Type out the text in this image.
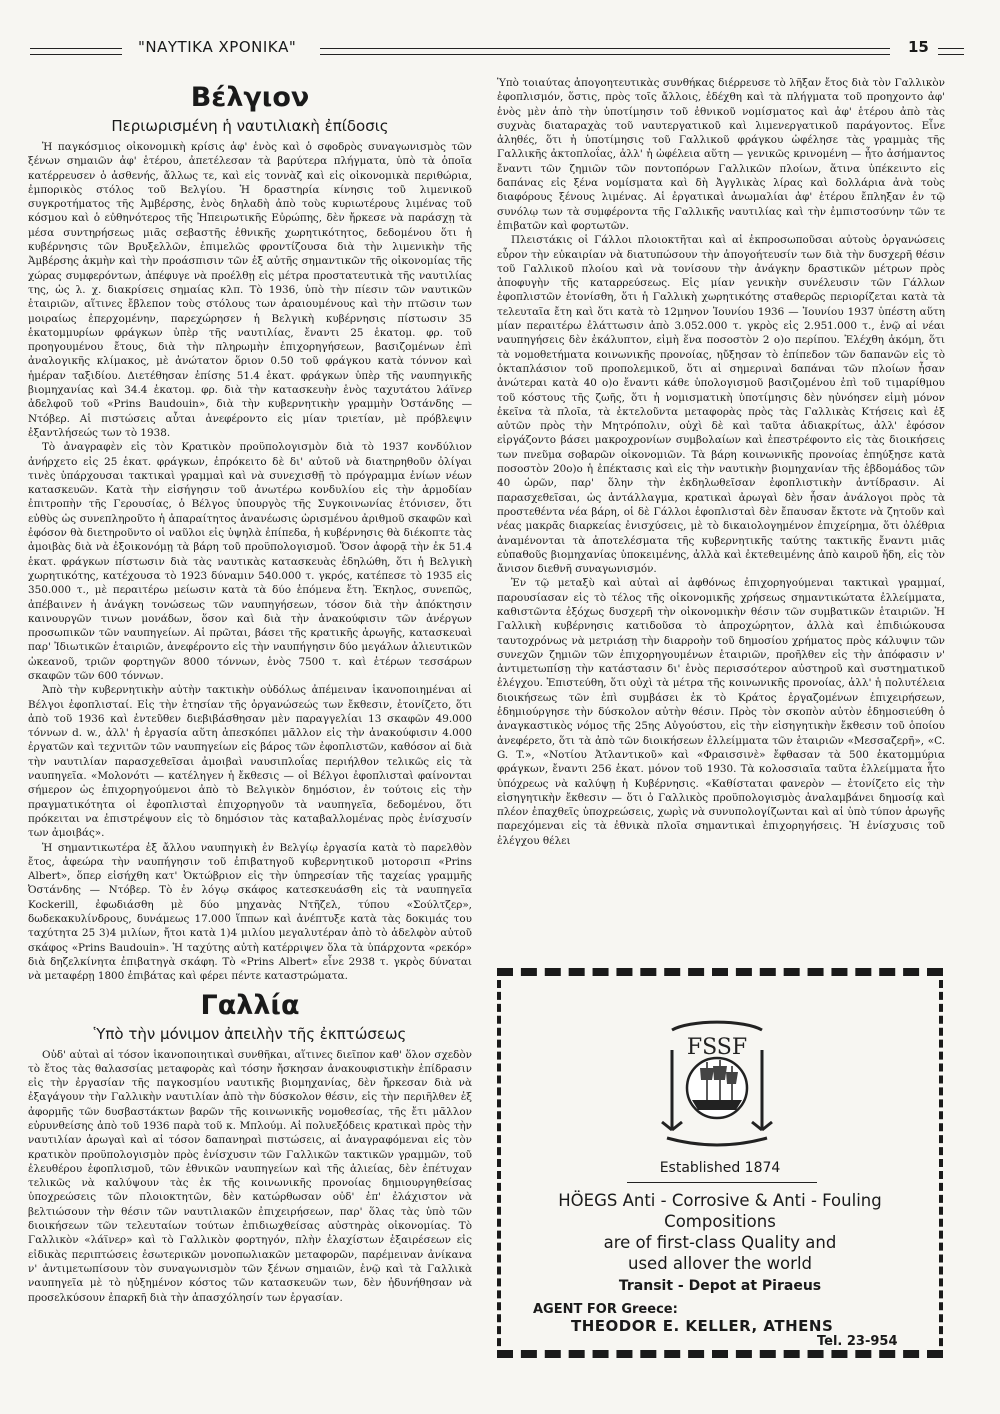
"ΝΑΥΤΙΚΑ ΧΡΟΝΙΚΑ"	15
Βέλγιον
Περιωρισμένη ἡ ναυτιλιακὴ ἐπίδοσις

Ἡ παγκόσμιος οἰκονομικὴ κρίσις ἀφ' ἑνὸς καὶ ὁ σφοδρὸς συναγωνισμὸς τῶν ξένων σημαιῶν ἀφ' ἑτέρου, ἀπετέλεσαν τὰ βαρύτερα πλήγματα, ὑπὸ τὰ ὁποῖα κατέρρευσεν ὁ ἀσθενής, ἄλλως τε, καὶ εἰς τοννὰζ καὶ εἰς οἰκονομικὰ περιθώρια, ἐμπορικὸς στόλος τοῦ Βελγίου. Ἡ δραστηρία κίνησις τοῦ λιμενικοῦ συγκροτήματος τῆς Ἀμβέρσης, ἑνὸς δηλαδὴ ἀπὸ τοὺς κυριωτέρους λιμένας τοῦ κόσμου καὶ ὁ εὐθηνότερος τῆς Ἠπειρωτικῆς Εὐρώπης, δὲν ἤρκεσε νὰ παράσχῃ τὰ μέσα συντηρήσεως μιᾶς σεβαστῆς ἐθνικῆς χωρητικότητος, δεδομένου ὅτι ἡ κυβέρνησις τῶν Βρυξελλῶν, ἐπιμελῶς φροντίζουσα διὰ τὴν λιμενικὴν τῆς Ἀμβέρσης ἀκμὴν καὶ τὴν προάσπισιν τῶν ἐξ αὐτῆς σημαντικῶν τῆς οἰκονομίας τῆς χώρας συμφερόντων, ἀπέφυγε νὰ προέλθῃ εἰς μέτρα προστατευτικὰ τῆς ναυτιλίας της, ὡς λ. χ. διακρίσεις σημαίας κλπ. Τὸ 1936, ὑπὸ τὴν πίεσιν τῶν ναυτικῶν ἑταιριῶν, αἵτινες ἔβλεπον τοὺς στόλους των ἀραιουμένους καὶ τὴν πτῶσιν των μοιραίως ἐπερχομένην, παρεχώρησεν ἡ Βελγικὴ κυβέρνησις πίστωσιν 35 ἑκατομμυρίων φράγκων ὑπὲρ τῆς ναυτιλίας, ἔναντι 25 ἑκατομ. φρ. τοῦ προηγουμένου ἔτους, διὰ τὴν πληρωμὴν ἐπιχορηγήσεων, βασιζομένων ἐπὶ ἀναλογικῆς κλίμακος, μὲ ἀνώτατον ὅριον 0.50 τοῦ φράγκου κατὰ τόννον καὶ ἡμέραν ταξιδίου. Διετέθησαν ἐπίσης 51.4 ἑκατ. φράγκων ὑπὲρ τῆς ναυπηγικῆς βιομηχανίας καὶ 34.4 ἑκατομ. φρ. διὰ τὴν κατασκευὴν ἑνὸς ταχυτάτου λάϊνερ ἀδελφοῦ τοῦ «Prins Baudouin», διὰ τὴν κυβερνητικὴν γραμμὴν Ὀστάνδης — Ντόβερ. Αἱ πιστώσεις αὗται ἀνεφέροντο εἰς μίαν τριετίαν, μὲ πρόβλεψιν ἐξαντλήσεώς των τὸ 1938.

Τὸ ἀναγραφὲν εἰς τὸν Κρατικὸν προϋπολογισμὸν διὰ τὸ 1937 κονδύλιον ἀνήρχετο εἰς 25 ἑκατ. φράγκων, ἐπρόκειτο δὲ δι' αὐτοῦ νὰ διατηρηθοῦν ὀλίγαι τινὲς ὑπάρχουσαι τακτικαὶ γραμμαὶ καὶ νὰ συνεχισθῇ τὸ πρόγραμμα ἐνίων νέων κατασκευῶν. Κατὰ τὴν εἰσήγησιν τοῦ ἀνωτέρω κονδυλίου εἰς τὴν ἁρμοδίαν ἐπιτροπὴν τῆς Γερουσίας, ὁ Βέλγος ὑπουργὸς τῆς Συγκοινωνίας ἐτόνισεν, ὅτι εὐθὺς ὡς συνεπληροῦτο ἡ ἀπαραίτητος ἀνανέωσις ὡρισμένου ἀριθμοῦ σκαφῶν καὶ ἐφόσον θὰ διετηροῦντο οἱ ναῦλοι εἰς ὑψηλὰ ἐπίπεδα, ἡ κυβέρνησις θὰ διέκοπτε τὰς ἀμοιβὰς διὰ νὰ ἐξοικονόμῃ τὰ βάρη τοῦ προϋπολογισμοῦ. Ὅσον ἀφορᾷ τὴν ἐκ 51.4 ἑκατ. φράγκων πίστωσιν διὰ τὰς ναυτικὰς κατασκευὰς ἐδηλώθη, ὅτι ἡ Βελγικὴ χωρητικότης, κατέχουσα τὸ 1923 δύναμιν 540.000 τ. γκρός, κατέπεσε τὸ 1935 εἰς 350.000 τ., μὲ περαιτέρω μείωσιν κατὰ τὰ δύο ἑπόμενα ἔτη. Ἐκηλος, συνεπῶς, ἀπέβαινεν ἡ ἀνάγκη τονώσεως τῶν ναυπηγήσεων, τόσον διὰ τὴν ἀπόκτησιν καινουργῶν τινων μονάδων, ὅσον καὶ διὰ τὴν ἀνακούφισιν τῶν ἀνέργων προσωπικῶν τῶν ναυπηγείων. Αἱ πρῶται, βάσει τῆς κρατικῆς ἀρωγῆς, κατασκευαὶ παρ' Ἰδιωτικῶν ἑταιριῶν, ἀνεφέροντο εἰς τὴν ναυπήγησιν δύο μεγάλων ἀλιευτικῶν ὠκεανοῦ, τριῶν φορτηγῶν 8000 τόννων, ἑνὸς 7500 τ. καὶ ἑτέρων τεσσάρων σκαφῶν τῶν 600 τόννων.

Ἀπὸ τὴν κυβερνητικὴν αὐτὴν τακτικὴν οὐδόλως ἀπέμειναν ἱκανοποιημέναι αἱ Βέλγοι ἐφοπλισταί. Εἰς τὴν ἐτησίαν τῆς ὀργανώσεώς των ἔκθεσιν, ἐτονίζετο, ὅτι ἀπὸ τοῦ 1936 καὶ ἐντεῦθεν διεβιβάσθησαν μὲν παραγγελίαι 13 σκαφῶν 49.000 τόννων d. w., ἀλλ' ἡ ἐργασία αὕτη ἀπεσκόπει μᾶλλον εἰς τὴν ἀνακούφισιν 4.000 ἐργατῶν καὶ τεχνιτῶν τῶν ναυπηγείων εἰς βάρος τῶν ἐφοπλιστῶν, καθόσον αἱ διὰ τὴν ναυτιλίαν παρασχεθεῖσαι ἀμοιβαὶ ναυσιπλοΐας περιήλθον τελικῶς εἰς τὰ ναυπηγεῖα. «Μολονότι — κατέληγεν ἡ ἔκθεσις — οἱ Βέλγοι ἐφοπλισταὶ φαίνονται σήμερον ὡς ἐπιχορηγούμενοι ἀπὸ τὸ Βελγικὸν δημόσιον, ἐν τούτοις εἰς τὴν πραγματικότητα οἱ ἐφοπλισταὶ ἐπιχορηγοῦν τὰ ναυπηγεῖα, δεδομένου, ὅτι πρόκειται να ἐπιστρέψουν εἰς τὸ δημόσιον τὰς καταβαλλομένας πρὸς ἐνίσχυσίν των ἀμοιβάς».

Ἡ σημαντικωτέρα ἐξ ἄλλου ναυπηγικὴ ἐν Βελγίῳ ἐργασία κατὰ τὸ παρελθὸν ἔτος, ἀφεώρα τὴν ναυπήγησιν τοῦ ἐπιβατηγοῦ κυβερνητικοῦ μοτορσιπ «Prins Albert», ὅπερ εἰσήχθη κατ' Ὀκτώβριον εἰς τὴν ὑπηρεσίαν τῆς ταχείας γραμμῆς Ὀστάνδης — Ντόβερ. Τὸ ἐν λόγῳ σκάφος κατεσκευάσθη εἰς τὰ ναυπηγεῖα Kockerill, ἐφωδιάσθη μὲ δύο μηχανὰς Ντῆζελ, τύπου «Σούλτζερ», δωδεκακυλίνδρους, δυνάμεως 17.000 ἵππων καὶ ἀνέπτυξε κατὰ τὰς δοκιμάς του ταχύτητα 25 3)4 μιλίων, ἤτοι κατὰ 1)4 μιλίου μεγαλυτέραν ἀπὸ τὸ ἀδελφὸν αὐτοῦ σκάφος «Prins Baudouin». Ἡ ταχύτης αὐτὴ κατέρριψεν ὅλα τὰ ὑπάρχοντα «ρεκόρ» διὰ δηζελκίνητα ἐπιβατηγὰ σκάφη. Τὸ «Prins Albert» εἶνε 2938 τ. γκρὸς δύναται νὰ μεταφέρῃ 1800 ἐπιβάτας καὶ φέρει πέντε καταστρώματα.

Γαλλία
Ὑπὸ τὴν μόνιμον ἀπειλὴν τῆς ἐκπτώσεως

Οὐδ' αὐταὶ αἱ τόσον ἱκανοποιητικαὶ συνθῆκαι, αἵτινες διεῖπον καθ' ὅλον σχεδὸν τὸ ἔτος τὰς θαλασσίας μεταφορὰς καὶ τόσην ἤσκησαν ἀνακουφιστικὴν ἐπίδρασιν εἰς τὴν ἐργασίαν τῆς παγκοσμίου ναυτικῆς βιομηχανίας, δὲν ἤρκεσαν διὰ νὰ ἐξαγάγουν τὴν Γαλλικὴν ναυτιλίαν ἀπὸ τὴν δύσκολον θέσιν, εἰς τὴν περιῆλθεν ἐξ ἀφορμῆς τῶν δυσβαστάκτων βαρῶν τῆς κοινωνικῆς νομοθεσίας, τῆς ἔτι μᾶλλον εὐρυνθείσης ἀπὸ τοῦ 1936 παρὰ τοῦ κ. Μπλούμ. Αἱ πολυεξόδεις κρατικαὶ πρὸς τὴν ναυτιλίαν ἀρωγαὶ καὶ αἱ τόσον δαπανηραὶ πιστώσεις, αἱ ἀναγραφόμεναι εἰς τὸν κρατικὸν προϋπολογισμὸν πρὸς ἐνίσχυσιν τῶν Γαλλικῶν τακτικῶν γραμμῶν, τοῦ ἐλευθέρου ἐφοπλισμοῦ, τῶν ἐθνικῶν ναυπηγείων καὶ τῆς ἀλιείας, δὲν ἐπέτυχαν τελικῶς νὰ καλύψουν τὰς ἐκ τῆς κοινωνικῆς προνοίας δημιουργηθείσας ὑποχρεώσεις τῶν πλοιοκτητῶν, δὲν κατώρθωσαν οὐδ' ἐπ' ἐλάχιστον νὰ βελτιώσουν τὴν θέσιν τῶν ναυτιλιακῶν ἐπιχειρήσεων, παρ' ὅλας τὰς ὑπὸ τῶν διοικήσεων τῶν τελευταίων τούτων ἐπιδιωχθείσας αὐστηρὰς οἰκονομίας. Τὸ Γαλλικὸν «λάϊνερ» καὶ τὸ Γαλλικὸν φορτηγόν, πλὴν ἐλαχίστων ἐξαιρέσεων εἰς εἰδικὰς περιπτώσεις ἐσωτερικῶν μονοπωλιακῶν μεταφορῶν, παρέμειναν ἀνίκανα ν' ἀντιμετωπίσουν τὸν συναγωνισμὸν τῶν ξένων σημαιῶν, ἐνῷ καὶ τὰ Γαλλικὰ ναυπηγεῖα μὲ τὸ ηὐξημένον κόστος τῶν κατασκευῶν των, δὲν ἠδυνήθησαν νὰ προσελκύσουν ἐπαρκῆ διὰ τὴν ἀπασχόλησίν των ἐργασίαν.

Ὑπὸ τοιαύτας ἀπογοητευτικὰς συνθήκας διέρρευσε τὸ λῆξαν ἔτος διὰ τὸν Γαλλικὸν ἐφοπλισμόν, ὅστις, πρὸς τοῖς ἄλλοις, ἐδέχθη καὶ τὰ πλήγματα τοῦ προηχοντο ἀφ' ἑνὸς μὲν ἀπὸ τὴν ὑποτίμησιν τοῦ ἐθνικοῦ νομίσματος καὶ ἀφ' ἑτέρου ἀπὸ τὰς συχνὰς διαταραχὰς τοῦ ναυτεργατικοῦ καὶ λιμενεργατικοῦ παράγοντος. Εἶνε ἀληθές, ὅτι ἡ ὑποτίμησις τοῦ Γαλλικοῦ φράγκου ὠφέλησε τὰς γραμμὰς τῆς Γαλλικῆς ἀκτοπλοΐας, ἀλλ' ἡ ὠφέλεια αὕτη — γενικῶς κρινομένη — ἦτο ἀσήμαντος ἔναντι τῶν ζημιῶν τῶν ποντοπόρων Γαλλικῶν πλοίων, ἅτινα ὑπέκειντο εἰς δαπάνας εἰς ξένα νομίσματα καὶ δὴ Ἀγγλικὰς λίρας καὶ δολλάρια ἀνὰ τοὺς διαφόρους ξένους λιμένας. Αἱ ἐργατικαὶ ἀνωμαλίαι ἀφ' ἑτέρου ἔπληξαν ἐν τῷ συνόλῳ των τὰ συμφέροντα τῆς Γαλλικῆς ναυτιλίας καὶ τὴν ἐμπιστοσύνην τῶν τε ἐπιβατῶν καὶ φορτωτῶν.

Πλειστάκις οἱ Γάλλοι πλοιοκτῆται καὶ αἱ ἐκπροσωποῦσαι αὐτοὺς ὀργανώσεις εὗρον τὴν εὐκαιρίαν νὰ διατυπώσουν τὴν ἀπογοήτευσίν των διὰ τὴν δυσχερῆ θέσιν τοῦ Γαλλικοῦ πλοίου καὶ νὰ τονίσουν τὴν ἀνάγκην δραστικῶν μέτρων πρὸς ἀποφυγὴν τῆς καταρρεύσεως. Εἰς μίαν γενικὴν συνέλευσιν τῶν Γάλλων ἐφοπλιστῶν ἐτονίσθη, ὅτι ἡ Γαλλικὴ χωρητικότης σταθερῶς περιορίζεται κατὰ τὰ τελευταῖα ἔτη καὶ ὅτι κατὰ τὸ 12μηνον Ἰουνίου 1936 — Ἰουνίου 1937 ὑπέστη αὕτη μίαν περαιτέρω ἐλάττωσιν ἀπὸ 3.052.000 τ. γκρὸς εἰς 2.951.000 τ., ἐνῷ αἱ νέαι ναυπηγήσεις δὲν ἐκάλυπτον, εἰμὴ ἕνα ποσοστὸν 2 ο)ο περίπου. Ἐλέχθη ἀκόμη, ὅτι τὰ νομοθετήματα κοινωνικῆς προνοίας, ηὔξησαν τὸ ἐπίπεδον τῶν δαπανῶν εἰς τὸ ὀκταπλάσιον τοῦ προπολεμικοῦ, ὅτι αἱ σημεριναὶ δαπάναι τῶν πλοίων ἦσαν ἀνώτεραι κατὰ 40 ο)ο ἔναντι κάθε ὑπολογισμοῦ βασιζομένου ἐπὶ τοῦ τιμαρίθμου τοῦ κόστους τῆς ζωῆς, ὅτι ἡ νομισματικὴ ὑποτίμησις δὲν ηὐνόησεν εἰμὴ μόνον ἐκεῖνα τὰ πλοῖα, τὰ ἐκτελοῦντα μεταφορὰς πρὸς τὰς Γαλλικὰς Κτήσεις καὶ ἐξ αὐτῶν πρὸς τὴν Μητρόπολιν, οὐχὶ δὲ καὶ ταῦτα ἀδιακρίτως, ἀλλ' ἐφόσον εἰργάζοντο βάσει μακροχρονίων συμβολαίων καὶ ἐπεστρέφοντο εἰς τὰς διοικήσεις των πνεῦμα σοβαρῶν οἰκονομιῶν. Τὰ βάρη κοινωνικῆς προνοίας ἐπηύξησε κατὰ ποσοστὸν 20ο)ο ἡ ἐπέκτασις καὶ εἰς τὴν ναυτικὴν βιομηχανίαν τῆς ἑβδομάδος τῶν 40 ὡρῶν, παρ' ὅλην τὴν ἐκδηλωθεῖσαν ἐφοπλιστικὴν ἀντίδρασιν. Αἱ παρασχεθεῖσαι, ὡς ἀντάλλαγμα, κρατικαὶ ἀρωγαὶ δὲν ἦσαν ἀνάλογοι πρὸς τὰ προστεθέντα νέα βάρη, οἱ δὲ Γάλλοι ἐφοπλισταὶ δὲν ἔπαυσαν ἔκτοτε νὰ ζητοῦν καὶ νέας μακρᾶς διαρκείας ἐνισχύσεις, μὲ τὸ δικαιολογημένον ἐπιχείρημα, ὅτι ὀλέθρια ἀναμένονται τὰ ἀποτελέσματα τῆς κυβερνητικῆς ταύτης τακτικῆς ἔναντι μιᾶς εὐπαθοῦς βιομηχανίας ὑποκειμένης, ἀλλὰ καὶ ἐκτεθειμένης ἀπὸ καιροῦ ἤδη, εἰς τὸν ἄνισον διεθνῆ συναγωνισμόν.

Ἐν τῷ μεταξὺ καὶ αὐταὶ αἱ ἀφθόνως ἐπιχορηγούμεναι τακτικαὶ γραμμαί, παρουσίασαν εἰς τὸ τέλος τῆς οἰκονομικῆς χρήσεως σημαντικώτατα ἐλλείμματα, καθιστῶντα ἐξόχως δυσχερῆ τὴν οἰκονομικὴν θέσιν τῶν συμβατικῶν ἑταιριῶν. Ἡ Γαλλικὴ κυβέρνησις κατιδοῦσα τὸ ἀπροχώρητον, ἀλλὰ καὶ ἐπιδιώκουσα ταυτοχρόνως νὰ μετριάσῃ τὴν διαρροὴν τοῦ δημοσίου χρήματος πρὸς κάλυψιν τῶν συνεχῶν ζημιῶν τῶν ἐπιχορηγουμένων ἑταιριῶν, προῆλθεν εἰς τὴν ἀπόφασιν ν' ἀντιμετωπίσῃ τὴν κατάστασιν δι' ἑνὸς περισσότερον αὐστηροῦ καὶ συστηματικοῦ ἐλέγχου. Ἐπιστεύθη, ὅτι οὐχὶ τὰ μέτρα τῆς κοινωνικῆς προνοίας, ἀλλ' ἡ πολυτέλεια διοικήσεως τῶν ἐπὶ συμβάσει ἐκ τὸ Κράτος ἐργαζομένων ἐπιχειρήσεων, ἐδημιούργησε τὴν δύσκολον αὐτὴν θέσιν. Πρὸς τὸν σκοπὸν αὐτὸν ἐδημοσιεύθη ὁ ἀναγκαστικὸς νόμος τῆς 25ης Αὐγούστου, εἰς τὴν εἰσηγητικὴν ἔκθεσιν τοῦ ὁποίου ἀνεφέρετο, ὅτι τὰ ἀπὸ τῶν διοικήσεων ἐλλείμματα τῶν ἑταιριῶν «Μεσσαζερῆ», «C. G. T.», «Νοτίου Ἀτλαντικοῦ» καὶ «Φραισσινὲ» ἔφθασαν τὰ 500 ἑκατομμύρια φράγκων, ἔναντι 256 ἑκατ. μόνον τοῦ 1930. Τὰ κολοσσιαῖα ταῦτα ἐλλείμματα ἦτο ὑπόχρεως νὰ καλύψῃ ἡ Κυβέρνησις. «Καθίσταται φανερὸν — ἐτονίζετο εἰς τὴν εἰσηγητικὴν ἔκθεσιν — ὅτι ὁ Γαλλικὸς προϋπολογισμὸς ἀναλαμβάνει δημοσίᾳ καὶ πλέον ἐπαχθεῖς ὑποχρεώσεις, χωρὶς νὰ συνυπολογίζωνται καὶ αἱ ὑπὸ τύπον ἀρωγῆς παρεχόμεναι εἰς τὰ ἐθνικὰ πλοῖα σημαντικαὶ ἐπιχορηγήσεις. Ἡ ἐνίσχυσις τοῦ ἐλέγχου θέλει

FSSF
Established 1874
HÖEGS Anti - Corrosive & Anti - Fouling
Compositions
are of first-class Quality and
used allover the world
Transit - Depot at Piraeus
AGENT FOR Greece:
THEODOR E. KELLER, ATHENS
Tel. 23-954
